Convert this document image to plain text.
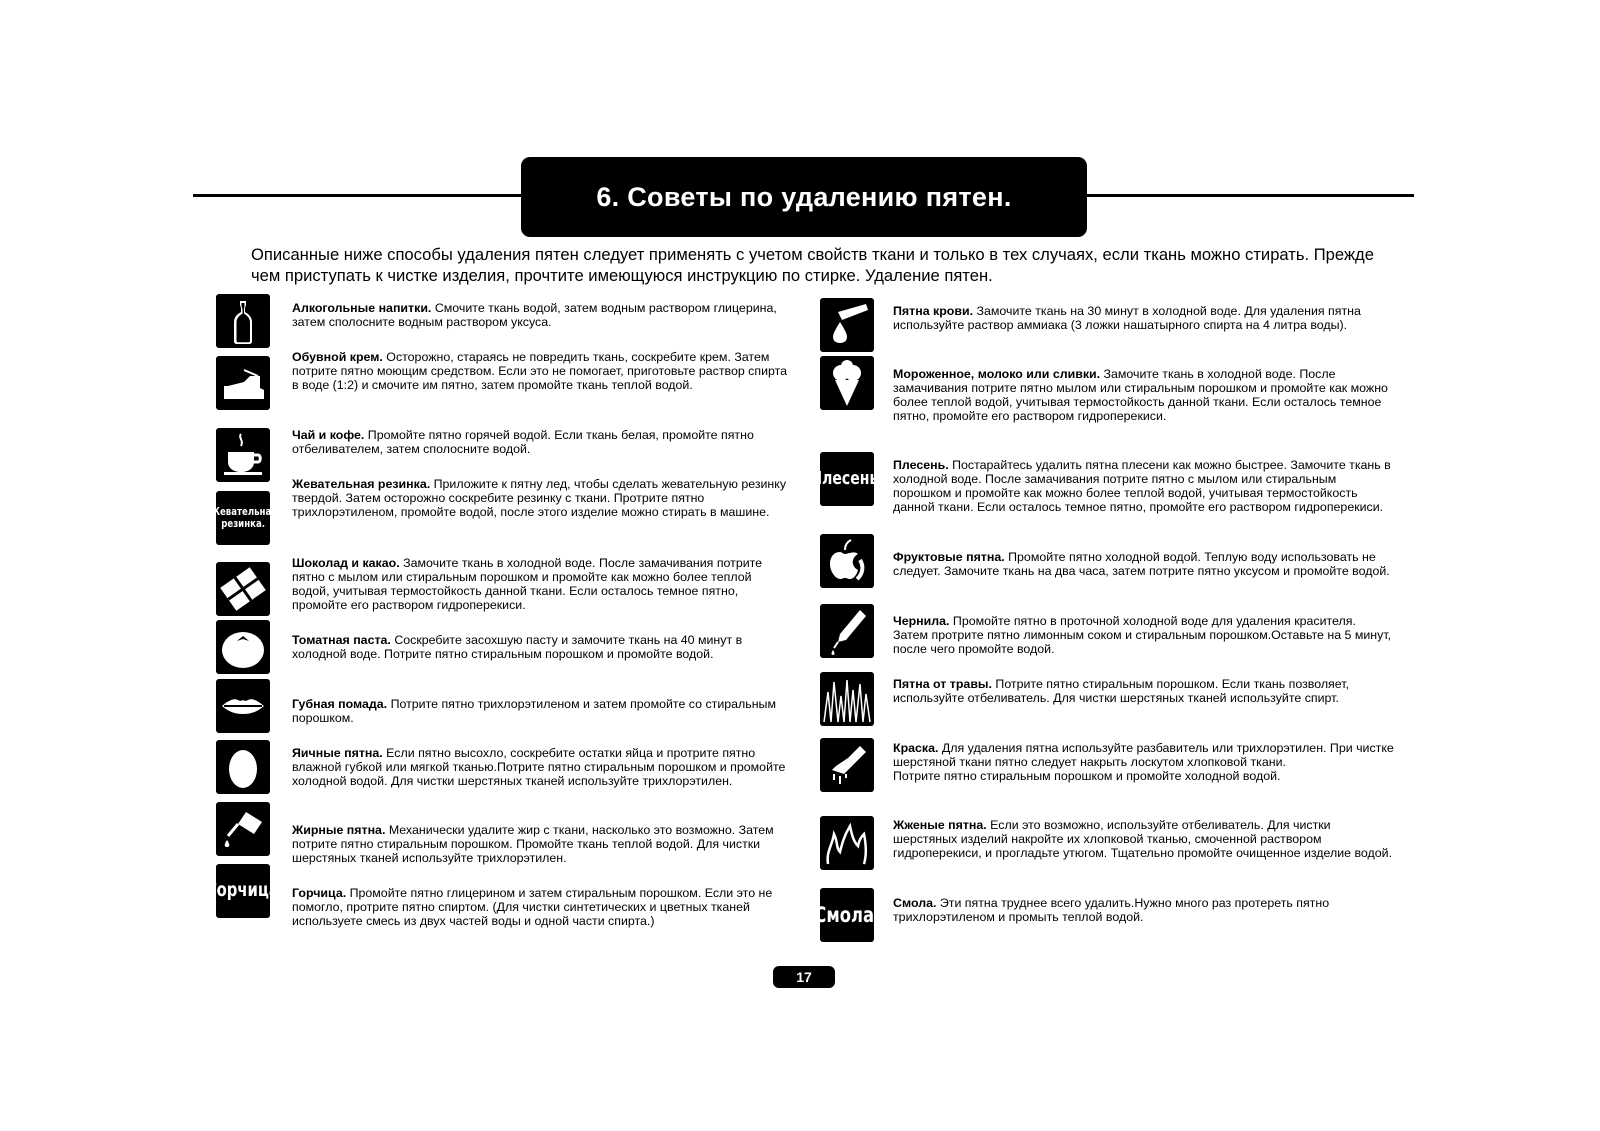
6. Советы по удалению пятен.

Описанные ниже способы удаления пятен следует применять с учетом свойств ткани и только в тех случаях, если ткань можно стирать. Прежде чем приступать к чистке изделия, прочтите имеющуюся инструкцию по стирке. Удаление пятен.

Алкогольные напитки. Смочите ткань водой, затем водным раствором глицерина, затем сполосните водным раствором уксуса.
Обувной крем. Осторожно, стараясь не повредить ткань, соскребите крем. Затем потрите пятно моющим средством. Если это не помогает, приготовьте раствор спирта в воде (1:2) и смочите им пятно, затем промойте ткань теплой водой.
Чай и кофе. Промойте пятно горячей водой. Если ткань белая, промойте пятно отбеливателем, затем сполосните водой.
Жевательная резинка.
Жевательная резинка. Приложите к пятну лед, чтобы сделать жевательную резинку твердой. Затем осторожно соскребите резинку с ткани. Протрите пятно трихлорэтиленом, промойте водой, после этого изделие можно стирать в машине.
Шоколад и какао. Замочите ткань в холодной воде. После замачивания потрите пятно с мылом или стиральным порошком и промойте как можно более теплой водой, учитывая термостойкость данной ткани. Если осталось темное пятно, промойте его раствором гидроперекиси.
Томатная паста. Соскребите засохшую пасту и замочите ткань на 40 минут в холодной воде. Потрите пятно стиральным порошком и промойте водой.
Губная помада. Потрите пятно трихлорэтиленом и затем промойте со стиральным порошком.
Яичные пятна. Если пятно высохло, соскребите остатки яйца и протрите пятно влажной губкой или мягкой тканью.Потрите пятно стиральным порошком и промойте холодной водой. Для чистки шерстяных тканей используйте трихлорэтилен.
Жирные пятна. Механически удалите жир с ткани, насколько это возможно. Затем потрите пятно стиральным порошком. Промойте ткань теплой водой. Для чистки шерстяных тканей используйте трихлорэтилен.
Горчица Горчица. Промойте пятно глицерином и затем стиральным порошком. Если это не помогло, протрите пятно спиртом. (Для чистки синтетических и цветных тканей используете смесь из двух частей воды и одной части спирта.)
Пятна крови. Замочите ткань на 30 минут в холодной воде. Для удаления пятна используйте раствор аммиака (3 ложки нашатырного спирта на 4 литра воды).
Мороженное, молоко или сливки. Замочите ткань в холодной воде. После замачивания потрите пятно мылом или стиральным порошком и промойте как можно более теплой водой, учитывая термостойкость данной ткани. Если осталось темное пятно, промойте его раствором гидроперекиси.
Плесень.
Плесень. Постарайтесь удалить пятна плесени как можно быстрее. Замочите ткань в холодной воде. После замачивания потрите пятно с мылом или стиральным порошком и промойте как можно более теплой водой, учитывая термостойкость данной ткани. Если осталось темное пятно, промойте его раствором гидроперекиси.
Фруктовые пятна. Промойте пятно холодной водой. Теплую воду использовать не следует. Замочите ткань на два часа, затем потрите пятно уксусом и промойте водой.
Чернила. Промойте пятно в проточной холодной воде для удаления красителя. Затем протрите пятно лимонным соком и стиральным порошком.Оставьте на 5 минут, после чего промойте водой.
Пятна от травы. Потрите пятно стиральным порошком. Если ткань позволяет, используйте отбеливатель. Для чистки шерстяных тканей используйте спирт.
Краска. Для удаления пятна используйте разбавитель или трихлорэтилен. При чистке шерстяной ткани пятно следует накрыть лоскутом хлопковой ткани.
Потрите пятно стиральным порошком и промойте холодной водой.
Жженые пятна. Если это возможно, используйте отбеливатель. Для чистки шерстяных изделий накройте их хлопковой тканью, смоченной раствором гидроперекиси, и прогладьте утюгом. Тщательно промойте очищенное изделие водой.
Смола. Смола. Эти пятна труднее всего удалить.Нужно много раз протереть пятно трихлорэтиленом и промыть теплой водой.
17
